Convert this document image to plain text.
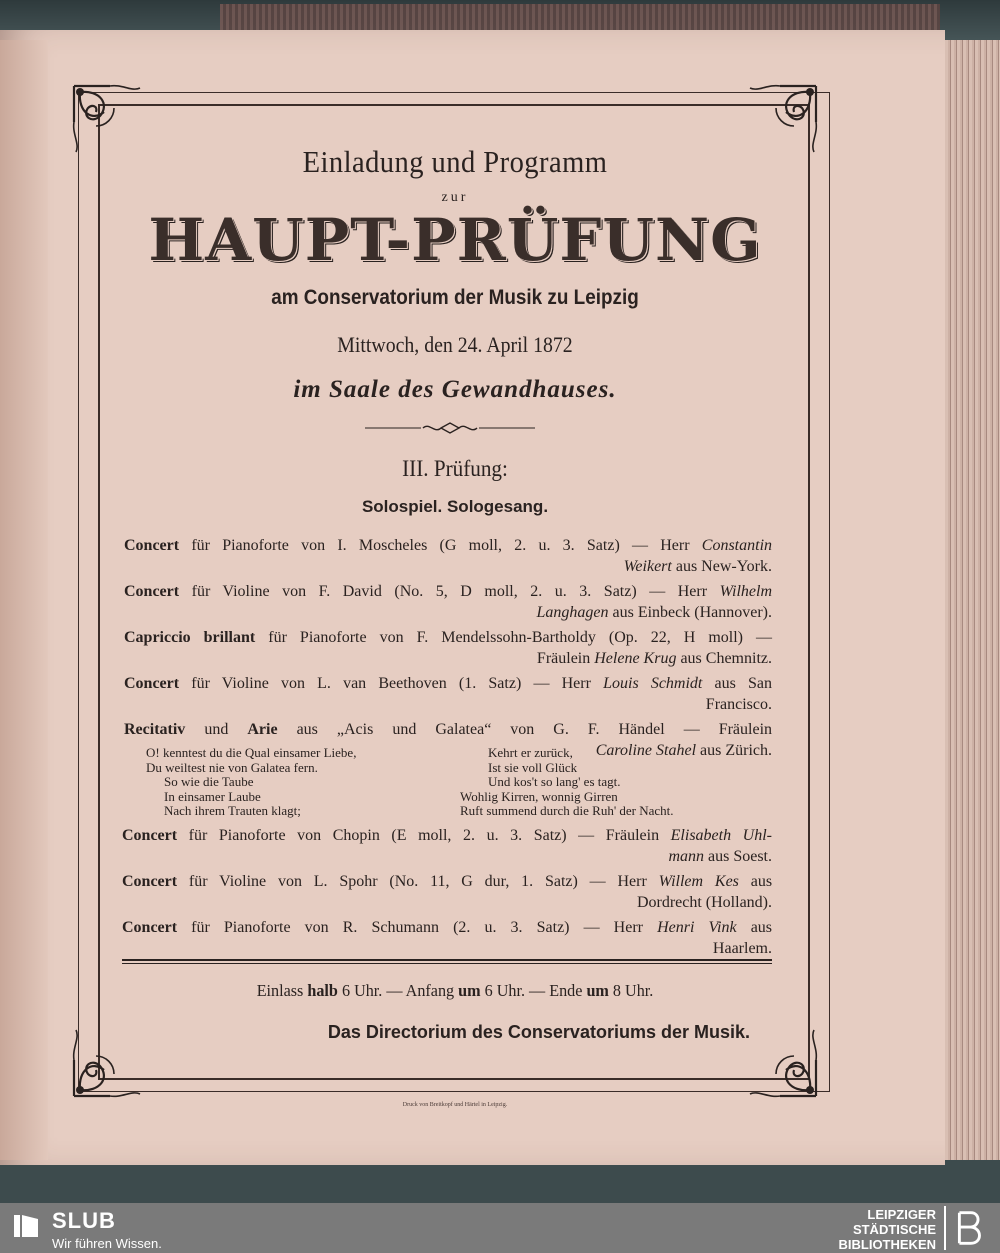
Einladung und Programm
zur
HAUPT-PRÜFUNG
am Conservatorium der Musik zu Leipzig
Mittwoch, den 24. April 1872
im Saale des Gewandhauses.
III. Prüfung:
Solospiel. Sologesang.
Concert für Pianoforte von I. Moscheles (G moll, 2. u. 3. Satz) — Herr Constantin
Weikert aus New-York.
Concert für Violine von F. David (No. 5, D moll, 2. u. 3. Satz) — Herr Wilhelm
Langhagen aus Einbeck (Hannover).
Capriccio brillant für Pianoforte von F. Mendelssohn-Bartholdy (Op. 22, H moll) —
Fräulein Helene Krug aus Chemnitz.
Concert für Violine von L. van Beethoven (1. Satz) — Herr Louis Schmidt aus San
Francisco.
Recitativ und Arie aus „Acis und Galatea“ von G. F. Händel — Fräulein
Caroline Stahel aus Zürich.
O! kenntest du die Qual einsamer Liebe,
Du weiltest nie von Galatea fern.
So wie die Taube
In einsamer Laube
Nach ihrem Trauten klagt;
Kehrt er zurück,
Ist sie voll Glück
Und kos't so lang' es tagt.
Wohlig Kirren, wonnig Girren
Ruft summend durch die Ruh' der Nacht.
Concert für Pianoforte von Chopin (E moll, 2. u. 3. Satz) — Fräulein Elisabeth Uhl-
mann aus Soest.
Concert für Violine von L. Spohr (No. 11, G dur, 1. Satz) — Herr Willem Kes aus
Dordrecht (Holland).
Concert für Pianoforte von R. Schumann (2. u. 3. Satz) — Herr Henri Vink aus
Haarlem.
Einlass halb 6 Uhr. — Anfang um 6 Uhr. — Ende um 8 Uhr.
Das Directorium des Conservatoriums der Musik.
Druck von Breitkopf und Härtel in Leipzig.
SLUB
Wir führen Wissen.
LEIPZIGER
STÄDTISCHE
BIBLIOTHEKEN
